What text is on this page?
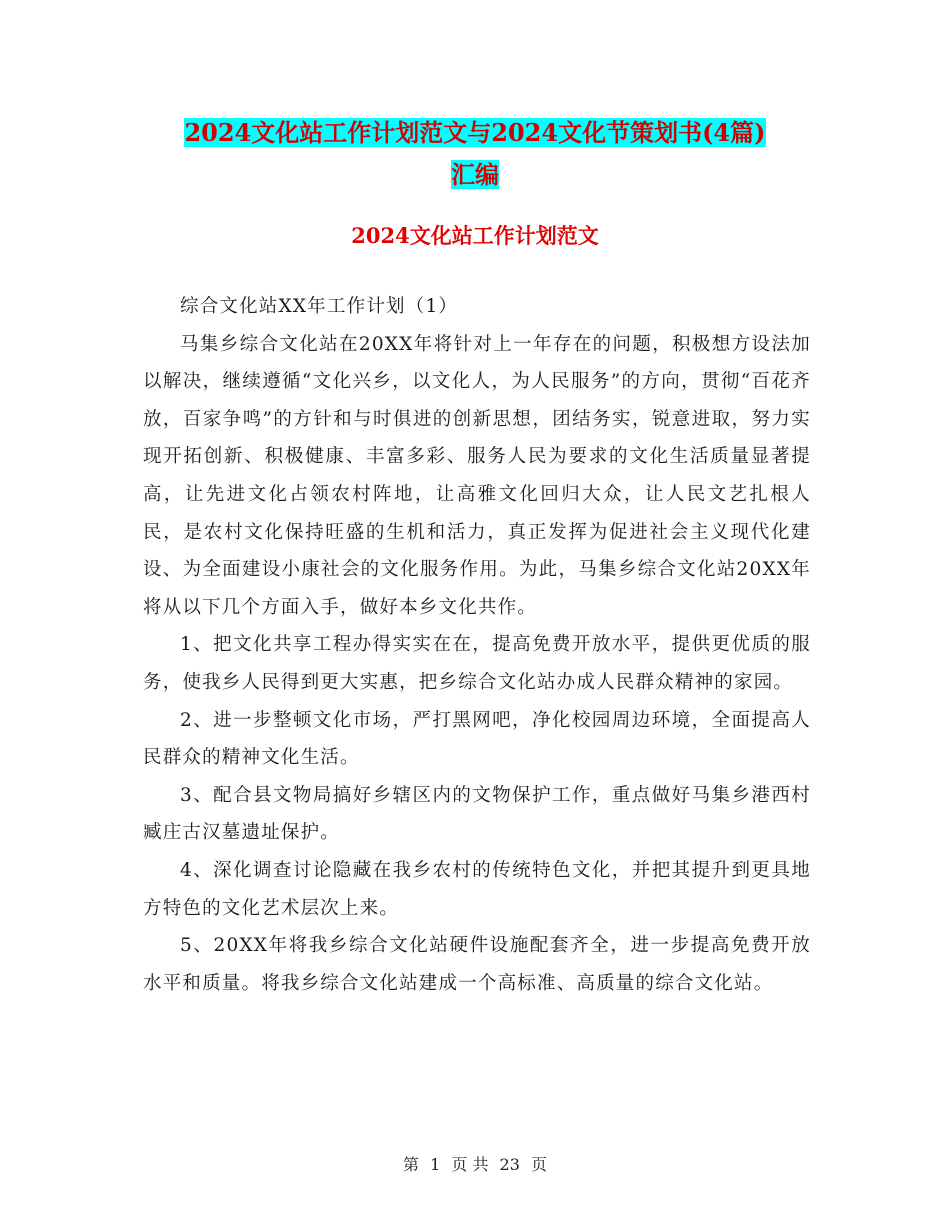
2024文化站工作计划范文与2024文化节策划书(4篇)
汇编
2024文化站工作计划范文

综合文化站XX年工作计划（1）

马集乡综合文化站在20XX年将针对上一年存在的问题，积极想方设法加以解决，继续遵循“文化兴乡，以文化人，为人民服务”的方向，贯彻“百花齐放，百家争鸣”的方针和与时俱进的创新思想，团结务实，锐意进取，努力实现开拓创新、积极健康、丰富多彩、服务人民为要求的文化生活质量显著提高，让先进文化占领农村阵地，让高雅文化回归大众，让人民文艺扎根人民，是农村文化保持旺盛的生机和活力，真正发挥为促进社会主义现代化建设、为全面建设小康社会的文化服务作用。为此，马集乡综合文化站20XX年将从以下几个方面入手，做好本乡文化共作。

1、把文化共享工程办得实实在在，提高免费开放水平，提供更优质的服务，使我乡人民得到更大实惠，把乡综合文化站办成人民群众精神的家园。

2、进一步整顿文化市场，严打黑网吧，净化校园周边环境，全面提高人民群众的精神文化生活。

3、配合县文物局搞好乡辖区内的文物保护工作，重点做好马集乡港西村臧庄古汉墓遗址保护。

4、深化调查讨论隐藏在我乡农村的传统特色文化，并把其提升到更具地方特色的文化艺术层次上来。

5、20XX年将我乡综合文化站硬件设施配套齐全，进一步提高免费开放水平和质量。将我乡综合文化站建成一个高标准、高质量的综合文化站。

第 1 页 共 23 页
